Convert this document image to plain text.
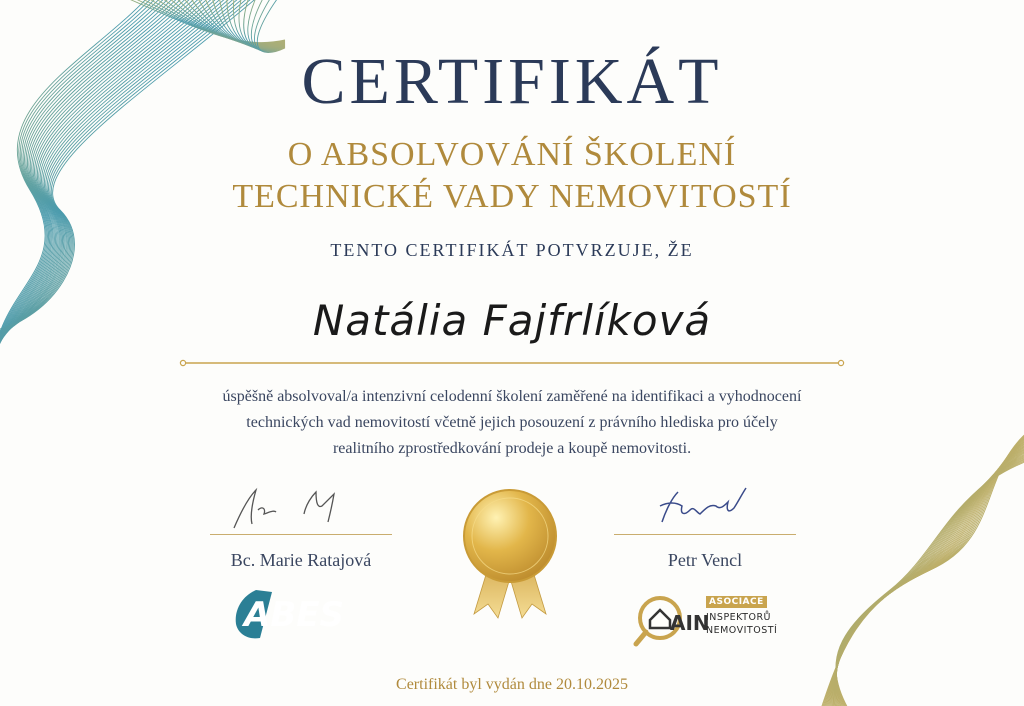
CERTIFIKÁT
O ABSOLVOVÁNÍ ŠKOLENÍ
TECHNICKÉ VADY NEMOVITOSTÍ
TENTO CERTIFIKÁT POTVRZUJE, ŽE
Natália Fajfrlíková
úspěšně absolvoval/a intenzivní celodenní školení zaměřené na identifikaci a vyhodnocení
technických vad nemovitostí včetně jejich posouzení z právního hlediska pro účely
realitního zprostředkování prodeje a koupě nemovitosti.
Bc. Marie Ratajová	Petr Vencl
ABES	AIN
ASOCIACE
INSPEKTORŮ
NEMOVITOSTÍ
Certifikát byl vydán dne 20.10.2025
